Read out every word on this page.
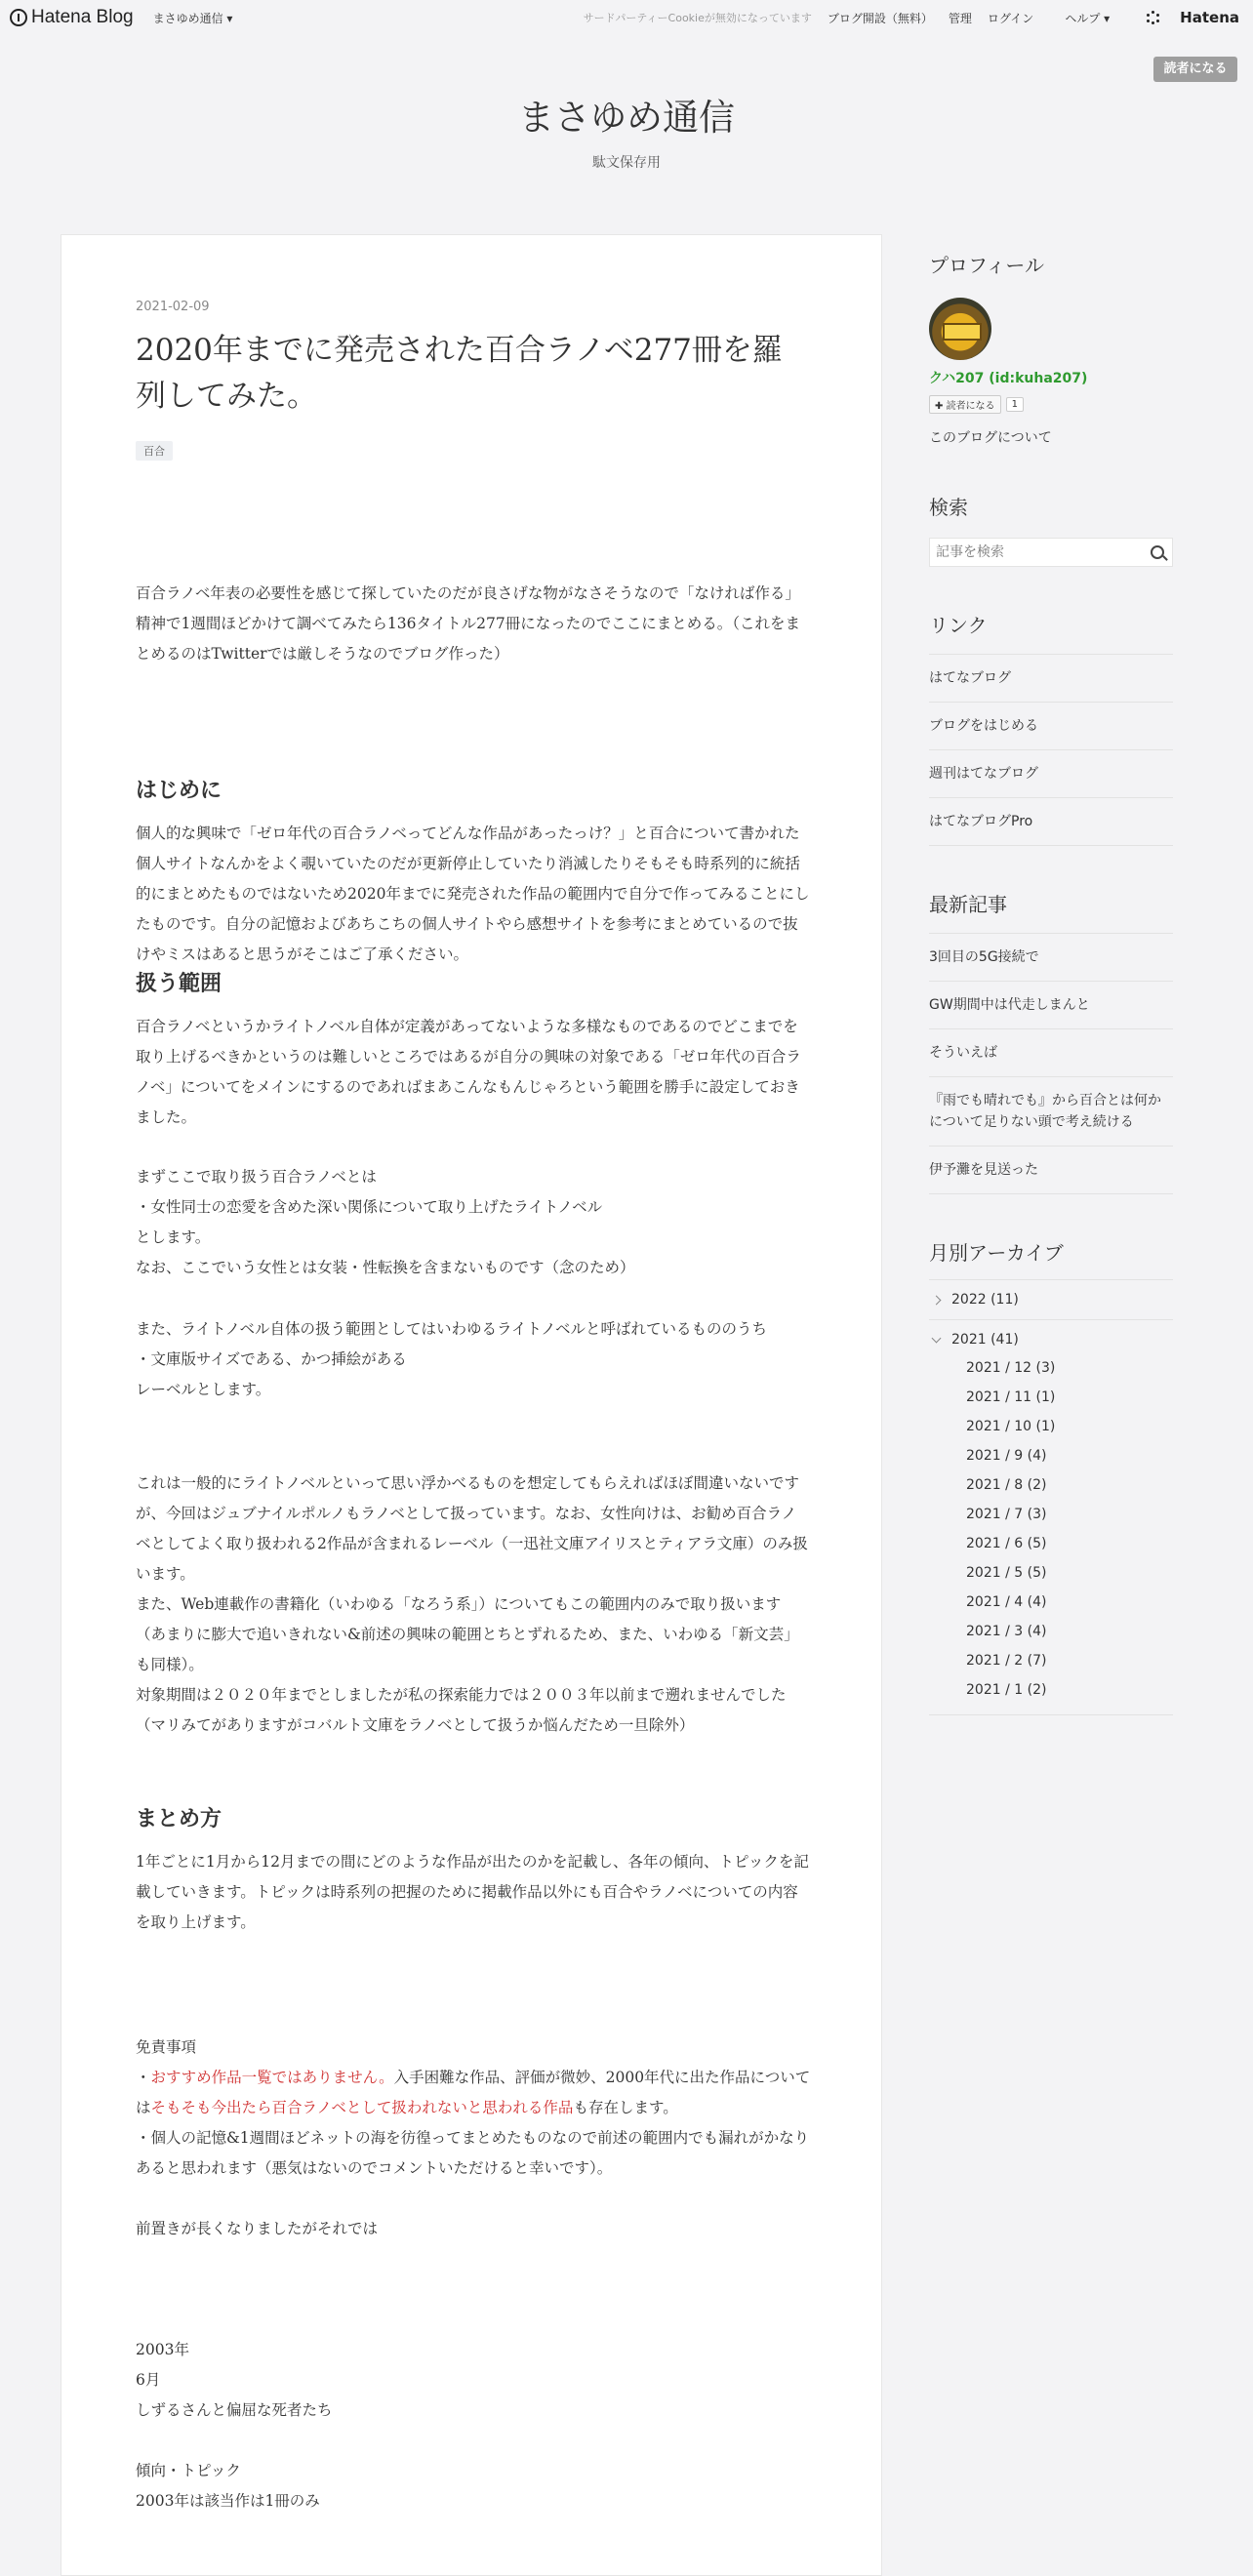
Hatena Blog まさゆめ通信 ▾	サードパーティーCookieが無効になっています ブログ開設（無料） 管理 ログイン	ヘルプ ▾	Hatena
読者になる
まさゆめ通信
駄文保存用
2021-02-09
2020年までに発売された百合ラノベ277冊を羅列してみた。
百合

百合ラノベ年表の必要性を感じて探していたのだが良さげな物がなさそうなので「なければ作る」精神で1週間ほどかけて調べてみたら136タイトル277冊になったのでここにまとめる。（これをまとめるのはTwitterでは厳しそうなのでブログ作った）

はじめに

個人的な興味で「ゼロ年代の百合ラノベってどんな作品があったっけ？」と百合について書かれた個人サイトなんかをよく覗いていたのだが更新停止していたり消滅したりそもそも時系列的に統括的にまとめたものではないため2020年までに発売された作品の範囲内で自分で作ってみることにしたものです。自分の記憶およびあちこちの個人サイトやら感想サイトを参考にまとめているので抜けやミスはあると思うがそこはご了承ください。

扱う範囲

百合ラノベというかライトノベル自体が定義があってないような多様なものであるのでどこまでを取り上げるべきかというのは難しいところではあるが自分の興味の対象である「ゼロ年代の百合ラノベ」についてをメインにするのであればまあこんなもんじゃろという範囲を勝手に設定しておきました。

まずここで取り扱う百合ラノベとは

・女性同士の恋愛を含めた深い関係について取り上げたライトノベル

とします。

なお、ここでいう女性とは女装・性転換を含まないものです（念のため）

また、ライトノベル自体の扱う範囲としてはいわゆるライトノベルと呼ばれているもののうち

・文庫版サイズである、かつ挿絵がある

レーベルとします。

これは一般的にライトノベルといって思い浮かべるものを想定してもらえればほぼ間違いないですが、今回はジュブナイルポルノもラノベとして扱っています。なお、女性向けは、お勧め百合ラノベとしてよく取り扱われる2作品が含まれるレーベル（一迅社文庫アイリスとティアラ文庫）のみ扱います。

また、Web連載作の書籍化（いわゆる「なろう系」）についてもこの範囲内のみで取り扱います（あまりに膨大で追いきれない&前述の興味の範囲とちとずれるため、また、いわゆる「新文芸」も同様）。

対象期間は２０２０年までとしましたが私の探索能力では２００３年以前まで遡れませんでした（マリみてがありますがコバルト文庫をラノベとして扱うか悩んだため一旦除外）

まとめ方

1年ごとに1月から12月までの間にどのような作品が出たのかを記載し、各年の傾向、トピックを記載していきます。トピックは時系列の把握のために掲載作品以外にも百合やラノベについての内容を取り上げます。

免責事項

・おすすめ作品一覧ではありません。入手困難な作品、評価が微妙、2000年代に出た作品についてはそもそも今出たら百合ラノベとして扱われないと思われる作品も存在します。

・個人の記憶&1週間ほどネットの海を彷徨ってまとめたものなので前述の範囲内でも漏れがかなりあると思われます（悪気はないのでコメントいただけると幸いです）。

前置きが長くなりましたがそれでは

2003年

6月

しずるさんと偏屈な死者たち

傾向・トピック

2003年は該当作は1冊のみ

プロフィール
クハ207 (id:kuha207)
✚ 読者になる	1
このブログについて
検索
記事を検索
リンク
はてなブログ
ブログをはじめる
週刊はてなブログ
はてなブログPro
最新記事
3回目の5G接続で
GW期間中は代走しまんと
そういえば
『雨でも晴れでも』から百合とは何かについて足りない頭で考え続ける
伊予灘を見送った
月別アーカイブ
2022 (11)
2021 (41)
2021 / 12 (3)
2021 / 11 (1)
2021 / 10 (1)
2021 / 9 (4)
2021 / 8 (2)
2021 / 7 (3)
2021 / 6 (5)
2021 / 5 (5)
2021 / 4 (4)
2021 / 3 (4)
2021 / 2 (7)
2021 / 1 (2)
